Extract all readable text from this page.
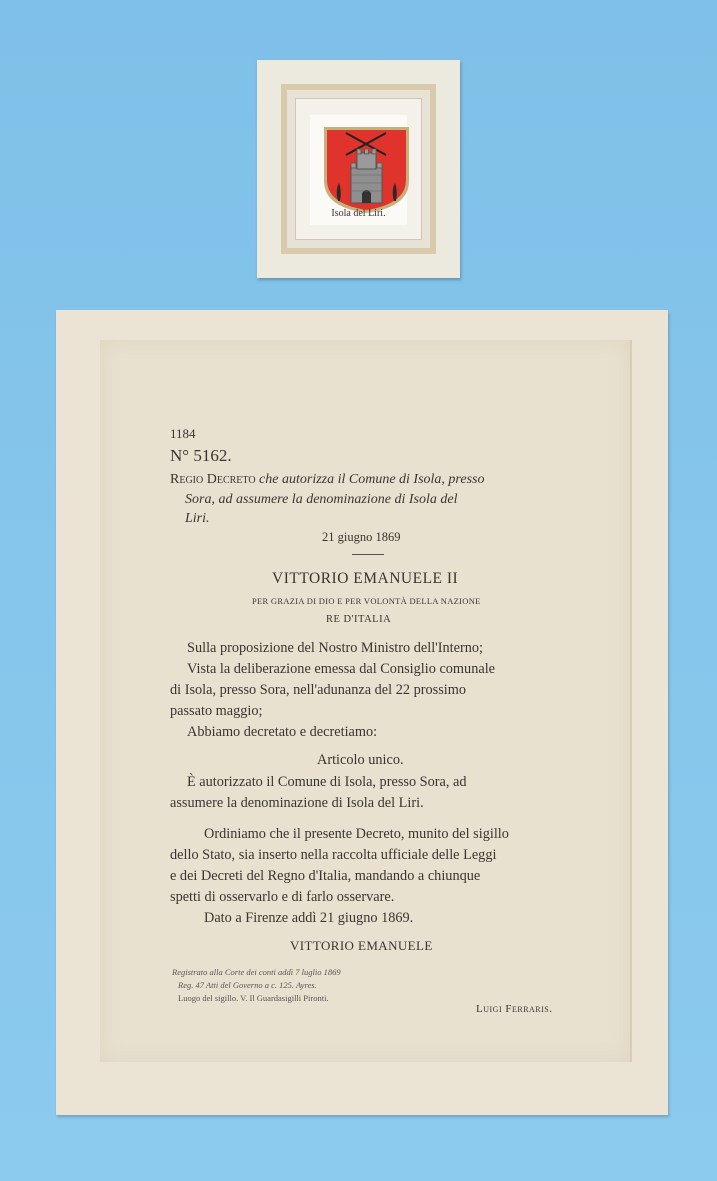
Isola del Liri.
1184
N° 5162.
Regio Decreto che autorizza il Comune di Isola, presso
Sora, ad assumere la denominazione di Isola del
Liri.
21 giugno 1869
VITTORIO EMANUELE II
PER GRAZIA DI DIO E PER VOLONTÀ DELLA NAZIONE
RE D'ITALIA
Sulla proposizione del Nostro Ministro dell'Interno;
Vista la deliberazione emessa dal Consiglio comunale
di Isola, presso Sora, nell'adunanza del 22 prossimo
passato maggio;
Abbiamo decretato e decretiamo:
Articolo unico.
È autorizzato il Comune di Isola, presso Sora, ad
assumere la denominazione di Isola del Liri.
Ordiniamo che il presente Decreto, munito del sigillo
dello Stato, sia inserto nella raccolta ufficiale delle Leggi
e dei Decreti del Regno d'Italia, mandando a chiunque
spetti di osservarlo e di farlo osservare.
Dato a Firenze addì 21 giugno 1869.
VITTORIO EMANUELE
Registrato alla Corte dei conti addì 7 luglio 1869
Reg. 47 Atti del Governo a c. 125. Ayres.
Luogo del sigillo. V. Il Guardasigilli Pironti.
Luigi Ferraris.
